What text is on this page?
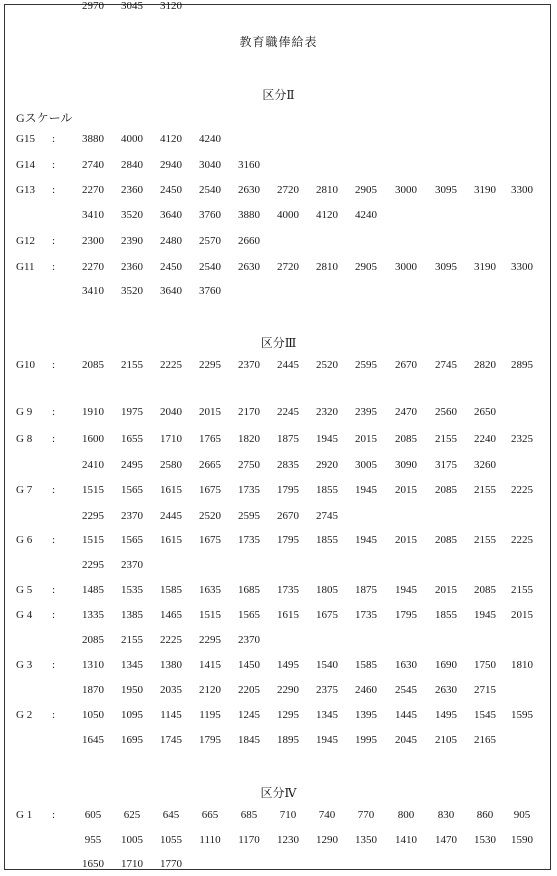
教育職俸給表
Gスケール
区分Ⅱ
G15 :	3880	4000	4120	4240
G14 :	2740	2840	2940	3040	3160
G13 :	2270	2360	2450	2540	2630	2720	2810	2905	3000	3095	3190	3300
3410	3520	3640	3760	3880	4000	4120	4240
G12 :	2300	2390	2480	2570	2660
G11 :	2270	2360	2450	2540	2630	2720	2810	2905	3000	3095	3190	3300
3410	3520	3640	3760
区分Ⅲ
G10 :	2085	2155	2225	2295	2370	2445	2520	2595	2670	2745	2820	2895
2970	3045	3120
G 9 :	1910	1975	2040	2015	2170	2245	2320	2395	2470	2560	2650
G 8 :	1600	1655	1710	1765	1820	1875	1945	2015	2085	2155	2240	2325
2410	2495	2580	2665	2750	2835	2920	3005	3090	3175	3260
G 7 :	1515	1565	1615	1675	1735	1795	1855	1945	2015	2085	2155	2225
2295	2370	2445	2520	2595	2670	2745
G 6 :	1515	1565	1615	1675	1735	1795	1855	1945	2015	2085	2155	2225
2295	2370
G 5 :	1485	1535	1585	1635	1685	1735	1805	1875	1945	2015	2085	2155
G 4 :	1335	1385	1465	1515	1565	1615	1675	1735	1795	1855	1945	2015
2085	2155	2225	2295	2370
G 3 :	1310	1345	1380	1415	1450	1495	1540	1585	1630	1690	1750	1810
1870	1950	2035	2120	2205	2290	2375	2460	2545	2630	2715
G 2 :	1050	1095	1145	1195	1245	1295	1345	1395	1445	1495	1545	1595
1645	1695	1745	1795	1845	1895	1945	1995	2045	2105	2165
区分Ⅳ
G 1 :	605	625	645	665	685	710	740	770	800	830	860	905
955	1005	1055	1110	1170	1230	1290	1350	1410	1470	1530	1590
1650	1710	1770
